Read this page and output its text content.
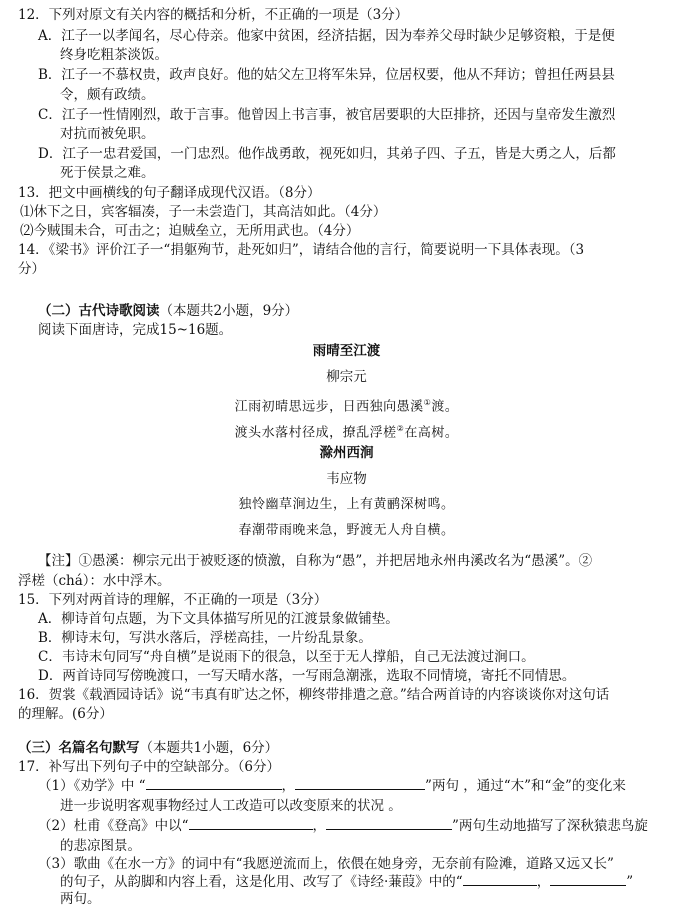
12．下列对原文有关内容的概括和分析，不正确的一项是（3分）
A．江子一以孝闻名，尽心侍亲。他家中贫困，经济拮据，因为奉养父母时缺少足够资粮，于是便
终身吃粗茶淡饭。
B．江子一不慕权贵，政声良好。他的姑父左卫将军朱异，位居权要，他从不拜访；曾担任两县县
令，颇有政绩。
C．江子一性情刚烈，敢于言事。他曾因上书言事，被官居要职的大臣排挤，还因与皇帝发生激烈
对抗而被免职。
D．江子一忠君爱国，一门忠烈。他作战勇敢，视死如归，其弟子四、子五，皆是大勇之人，后都
死于侯景之难。
13．把文中画横线的句子翻译成现代汉语。（8分）
⑴休下之日，宾客辐凑，子一未尝造门，其高洁如此。（4分）
⑵今贼围未合，可击之；迫贼垒立，无所用武也。（4分）
14．《梁书》评价江子一“捐躯殉节，赴死如归”，请结合他的言行，简要说明一下具体表现。（3
分）
（二）古代诗歌阅读（本题共2小题，9分）
阅读下面唐诗，完成15~16题。
雨晴至江渡
柳宗元
江雨初晴思远步，日西独向愚溪①渡。
渡头水落村径成，撩乱浮槎②在高树。
滁州西涧
韦应物
独怜幽草涧边生，上有黄鹂深树鸣。
春潮带雨晚来急，野渡无人舟自横。
【注】①愚溪：柳宗元出于被贬逐的愤激，自称为“愚”，并把居地永州冉溪改名为“愚溪”。②
浮槎（chá）：水中浮木。
15．下列对两首诗的理解，不正确的一项是（3分）
A．柳诗首句点题，为下文具体描写所见的江渡景象做铺垫。
B．柳诗末句，写洪水落后，浮槎高挂，一片纷乱景象。
C．韦诗末句同写“舟自横”是说雨下的很急，以至于无人撑船，自己无法渡过涧口。
D．两首诗同写傍晚渡口，一写天晴水落，一写雨急潮涨，选取不同情境，寄托不同情思。
16．贺裳《载酒园诗话》说“韦真有旷达之怀，柳终带排遣之意。”结合两首诗的内容谈谈你对这句话
的理解。(6分）
（三）名篇名句默写（本题共1小题，6分）
17．补写出下列句子中的空缺部分。（6分）
（1）《劝学》中 “	，	”两句 ，通过“木”和“金”的变化来
进一步说明客观事物经过人工改造可以改变原来的状况 。
（2）杜甫《登高》中以“	，	”两句生动地描写了深秋猿悲鸟旋
的悲凉图景。
（3）歌曲《在水一方》的词中有“我愿逆流而上，依偎在她身旁，无奈前有险滩，道路又远又长”
的句子，从韵脚和内容上看，这是化用、改写了《诗经·蒹葭》中的“	，	”
两句。
